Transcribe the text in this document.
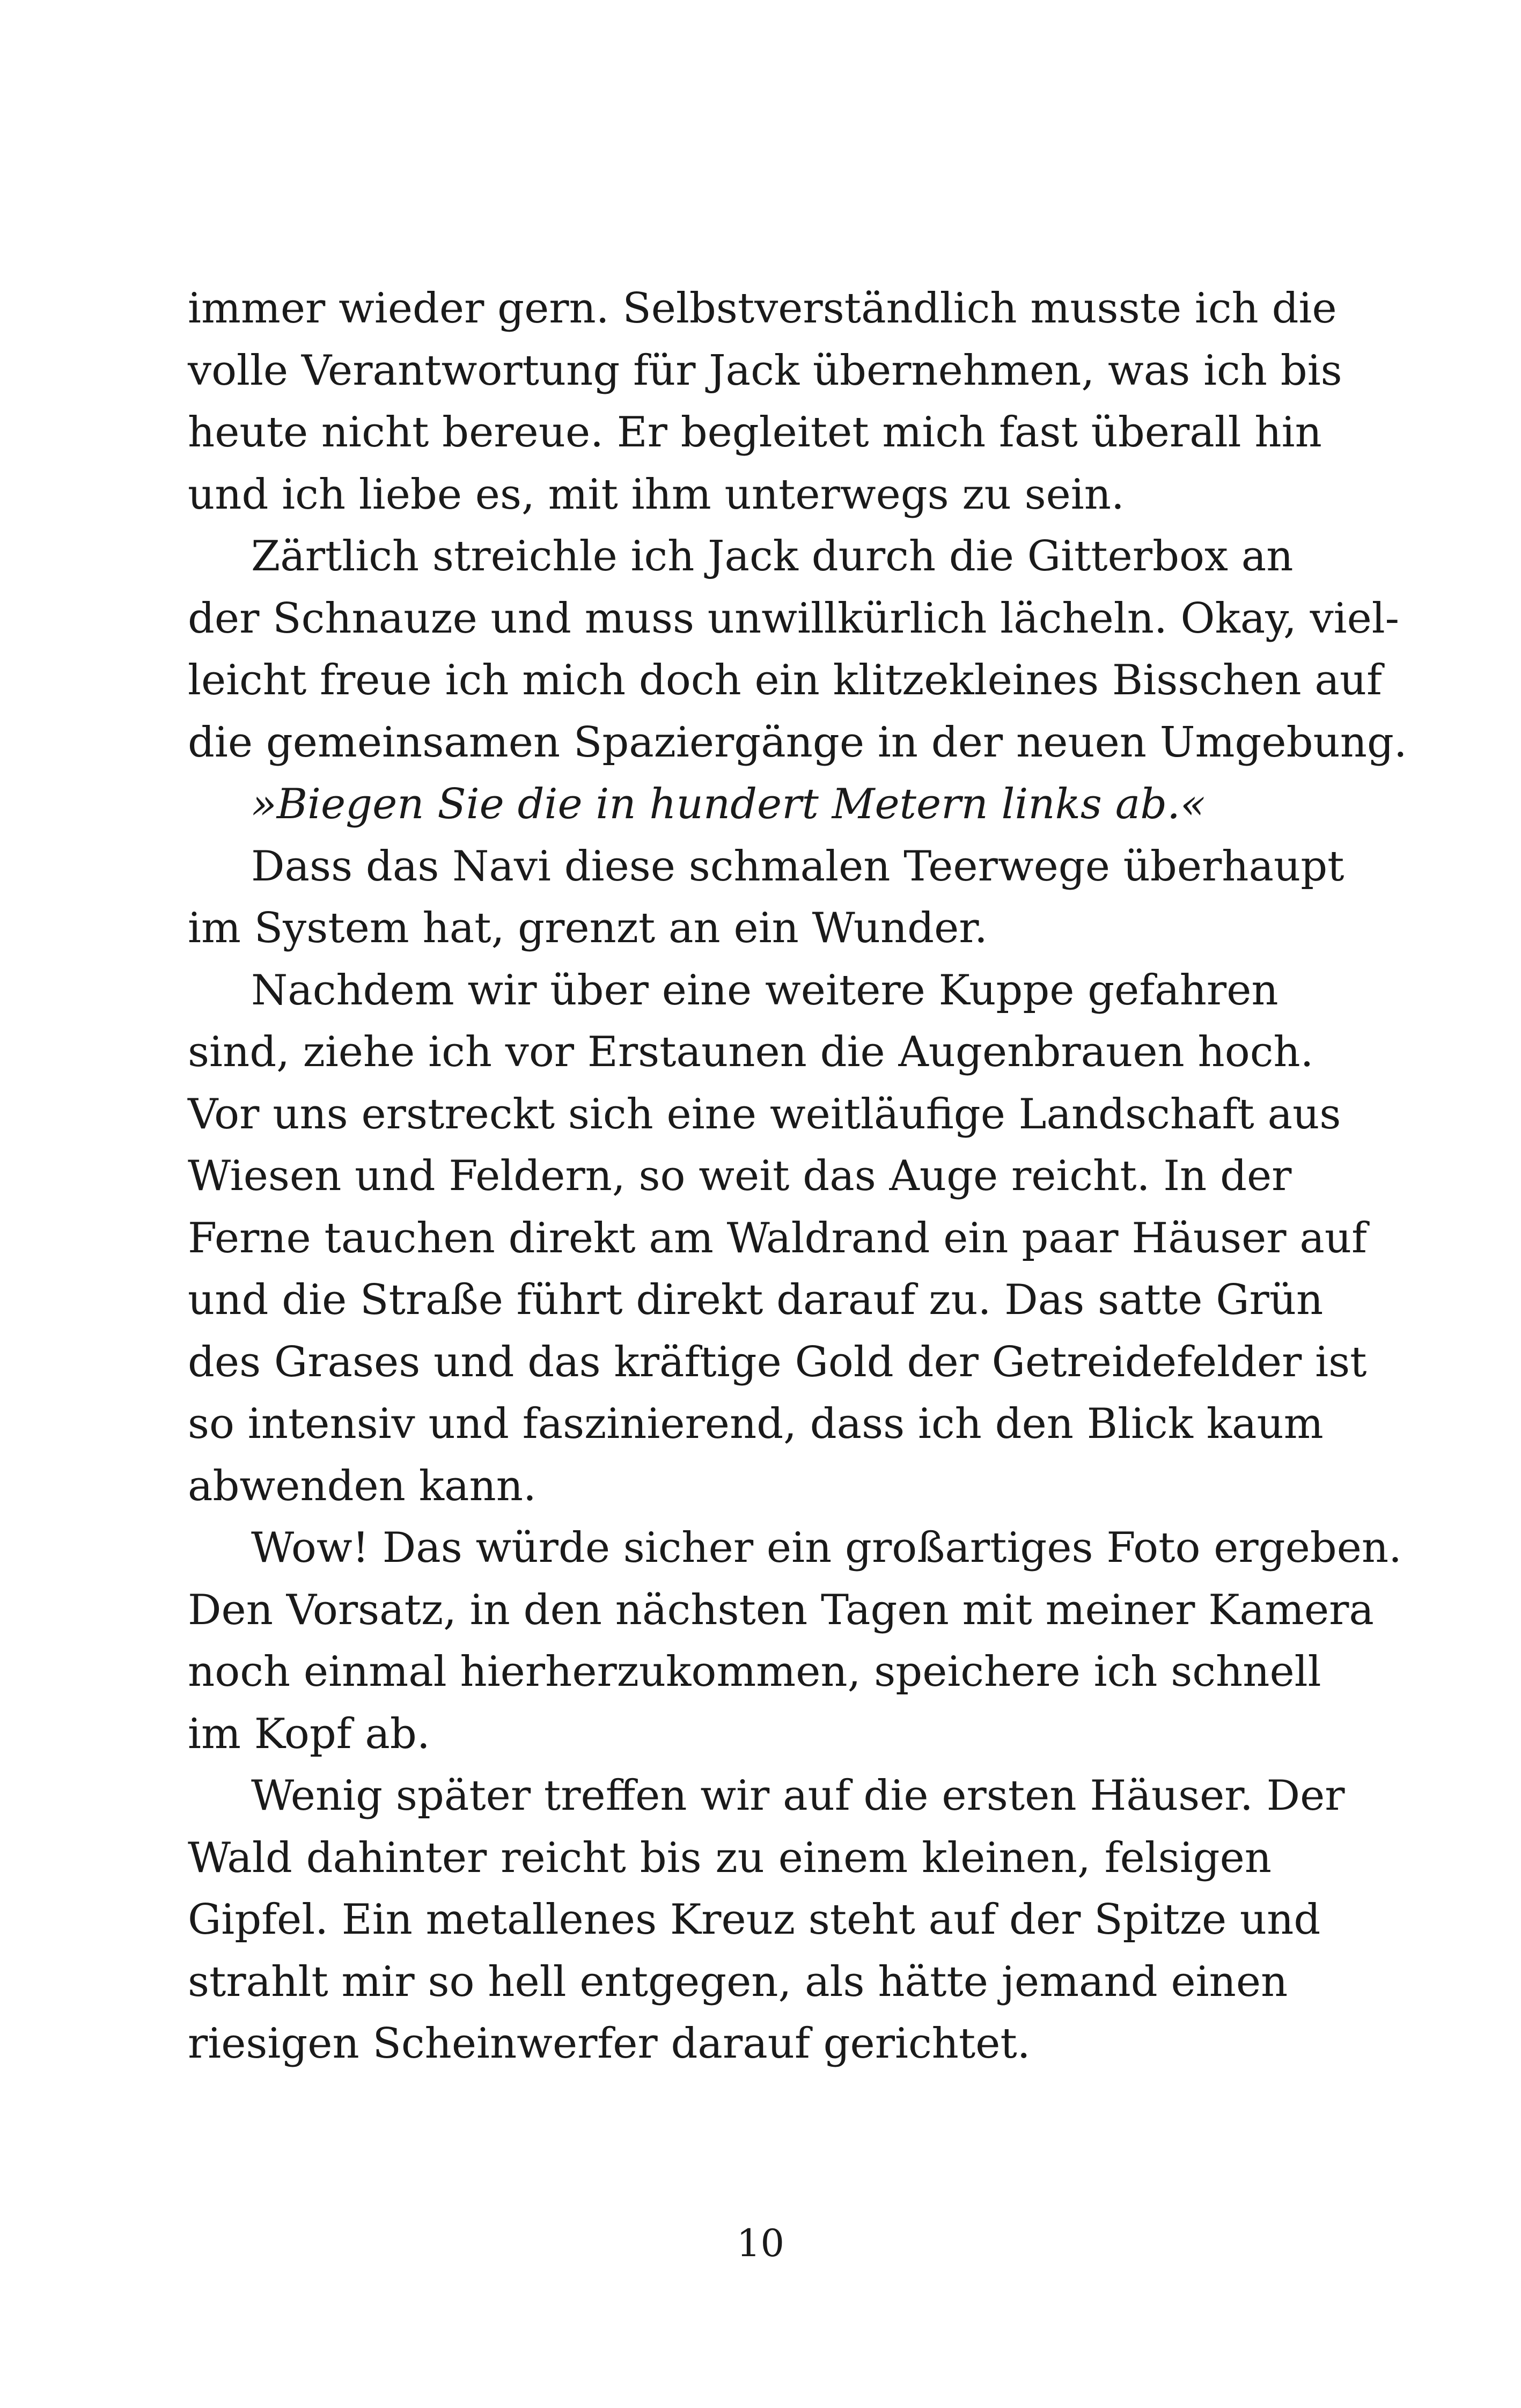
immer wieder gern. Selbstverständlich musste ich die
volle Verantwortung für Jack übernehmen, was ich bis
heute nicht bereue. Er begleitet mich fast überall hin
und ich liebe es, mit ihm unterwegs zu sein.
Zärtlich streichle ich Jack durch die Gitterbox an
der Schnauze und muss unwillkürlich lächeln. Okay, viel-
leicht freue ich mich doch ein klitzekleines Bisschen auf
die gemeinsamen Spaziergänge in der neuen Umgebung.
»Biegen Sie die in hundert Metern links ab.«
Dass das Navi diese schmalen Teerwege überhaupt
im System hat, grenzt an ein Wunder.
Nachdem wir über eine weitere Kuppe gefahren
sind, ziehe ich vor Erstaunen die Augenbrauen hoch.
Vor uns erstreckt sich eine weitläufige Landschaft aus
Wiesen und Feldern, so weit das Auge reicht. In der
Ferne tauchen direkt am Waldrand ein paar Häuser auf
und die Straße führt direkt darauf zu. Das satte Grün
des Grases und das kräftige Gold der Getreidefelder ist
so intensiv und faszinierend, dass ich den Blick kaum
abwenden kann.
Wow! Das würde sicher ein großartiges Foto ergeben.
Den Vorsatz, in den nächsten Tagen mit meiner Kamera
noch einmal hierherzukommen, speichere ich schnell
im Kopf ab.
Wenig später treffen wir auf die ersten Häuser. Der
Wald dahinter reicht bis zu einem kleinen, felsigen
Gipfel. Ein metallenes Kreuz steht auf der Spitze und
strahlt mir so hell entgegen, als hätte jemand einen
riesigen Scheinwerfer darauf gerichtet.

10
